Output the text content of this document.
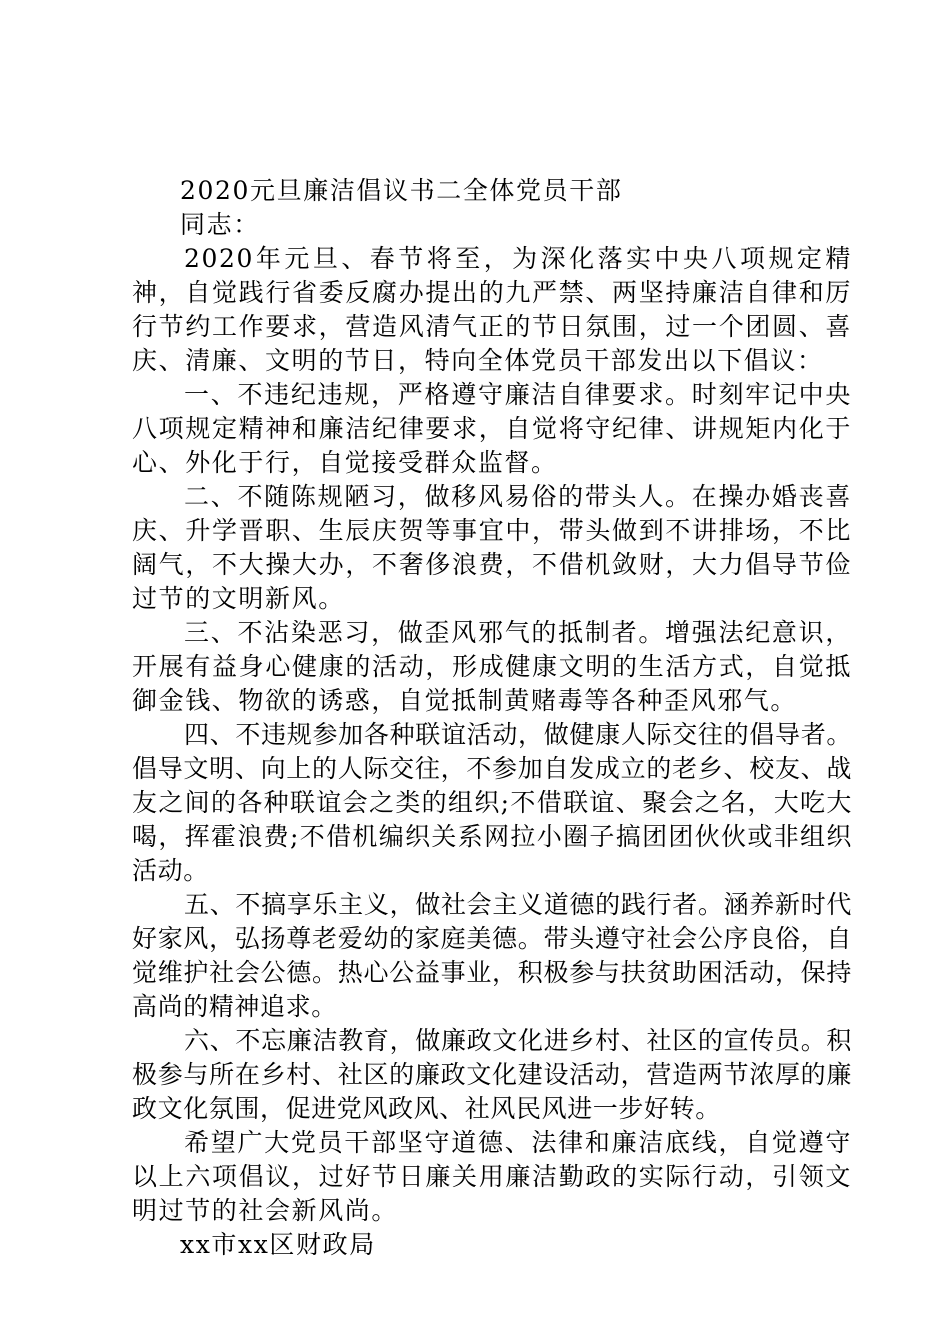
2020元旦廉洁倡议书二全体党员干部

同志：

2020年元旦、春节将至，为深化落实中央八项规定精神，自觉践行省委反腐办提出的九严禁、两坚持廉洁自律和厉行节约工作要求，营造风清气正的节日氛围，过一个团圆、喜庆、清廉、文明的节日，特向全体党员干部发出以下倡议：

一、不违纪违规，严格遵守廉洁自律要求。时刻牢记中央八项规定精神和廉洁纪律要求，自觉将守纪律、讲规矩内化于心、外化于行，自觉接受群众监督。

二、不随陈规陋习，做移风易俗的带头人。在操办婚丧喜庆、升学晋职、生辰庆贺等事宜中，带头做到不讲排场，不比阔气，不大操大办，不奢侈浪费，不借机敛财，大力倡导节俭过节的文明新风。

三、不沾染恶习，做歪风邪气的抵制者。增强法纪意识，开展有益身心健康的活动，形成健康文明的生活方式，自觉抵御金钱、物欲的诱惑，自觉抵制黄赌毒等各种歪风邪气。

四、不违规参加各种联谊活动，做健康人际交往的倡导者。倡导文明、向上的人际交往，不参加自发成立的老乡、校友、战友之间的各种联谊会之类的组织;不借联谊、聚会之名，大吃大喝，挥霍浪费;不借机编织关系网拉小圈子搞团团伙伙或非组织活动。

五、不搞享乐主义，做社会主义道德的践行者。涵养新时代好家风，弘扬尊老爱幼的家庭美德。带头遵守社会公序良俗，自觉维护社会公德。热心公益事业，积极参与扶贫助困活动，保持高尚的精神追求。

六、不忘廉洁教育，做廉政文化进乡村、社区的宣传员。积极参与所在乡村、社区的廉政文化建设活动，营造两节浓厚的廉政文化氛围，促进党风政风、社风民风进一步好转。

希望广大党员干部坚守道德、法律和廉洁底线，自觉遵守以上六项倡议，过好节日廉关用廉洁勤政的实际行动，引领文明过节的社会新风尚。

xx市xx区财政局
